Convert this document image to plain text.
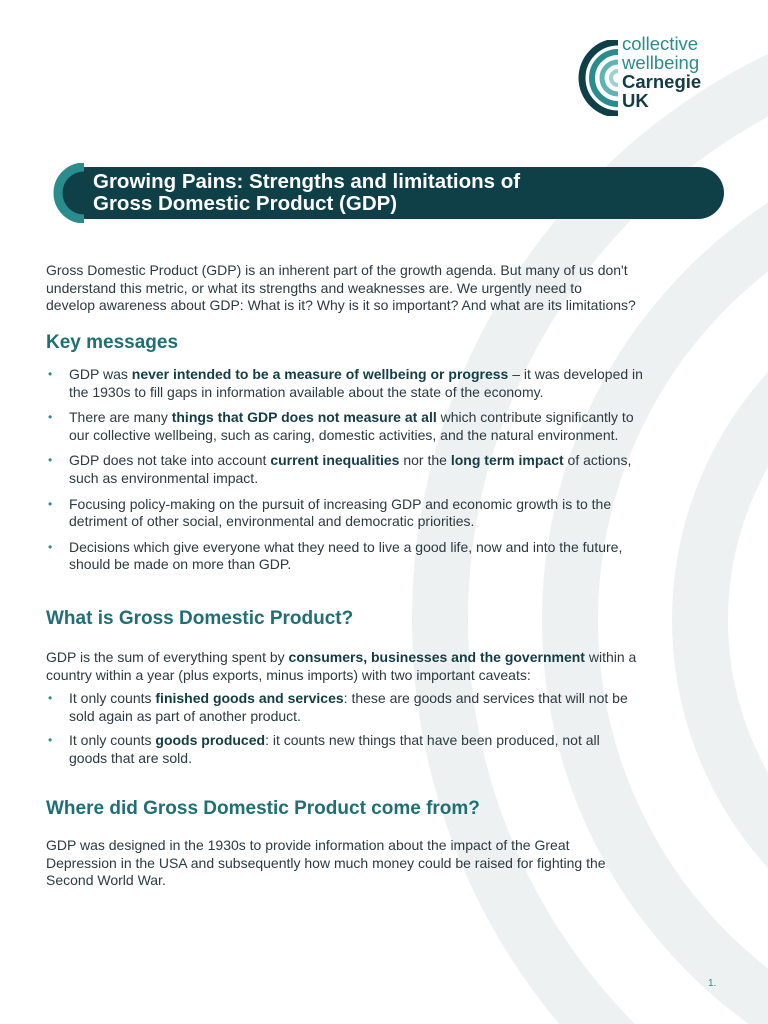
collective
wellbeing
Carnegie
UK
Growing Pains: Strengths and limitations of
Gross Domestic Product (GDP)
Gross Domestic Product (GDP) is an inherent part of the growth agenda. But many of us don't
understand this metric, or what its strengths and weaknesses are. We urgently need to
develop awareness about GDP: What is it? Why is it so important? And what are its limitations?
Key messages
• GDP was never intended to be a measure of wellbeing or progress – it was developed in
the 1930s to fill gaps in information available about the state of the economy.
• There are many things that GDP does not measure at all which contribute significantly to
our collective wellbeing, such as caring, domestic activities, and the natural environment.
• GDP does not take into account current inequalities nor the long term impact of actions,
such as environmental impact.
• Focusing policy-making on the pursuit of increasing GDP and economic growth is to the
detriment of other social, environmental and democratic priorities.
• Decisions which give everyone what they need to live a good life, now and into the future,
should be made on more than GDP.
What is Gross Domestic Product?
GDP is the sum of everything spent by consumers, businesses and the government within a
country within a year (plus exports, minus imports) with two important caveats:
• It only counts finished goods and services: these are goods and services that will not be
sold again as part of another product.
• It only counts goods produced: it counts new things that have been produced, not all
goods that are sold.
Where did Gross Domestic Product come from?
GDP was designed in the 1930s to provide information about the impact of the Great
Depression in the USA and subsequently how much money could be raised for fighting the
Second World War.
1.
